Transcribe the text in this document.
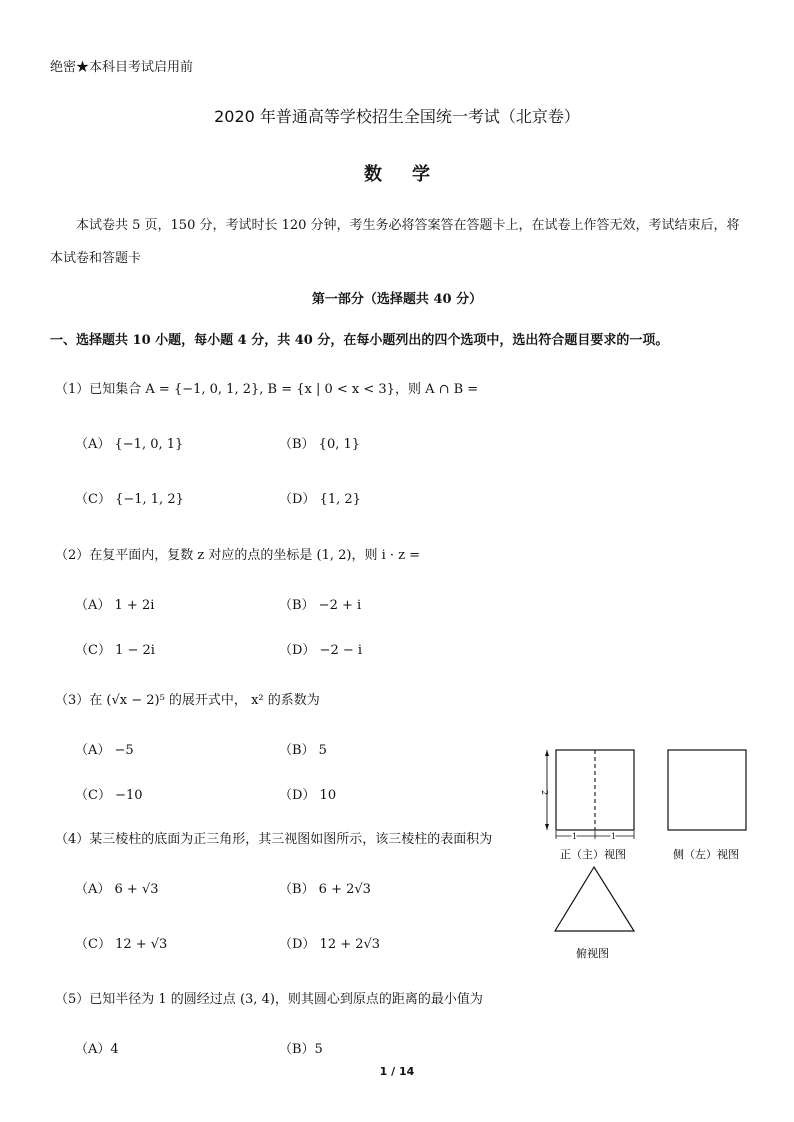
绝密★本科目考试启用前
2020 年普通高等学校招生全国统一考试（北京卷）
数学
本试卷共 5 页，150 分，考试时长 120 分钟，考生务必将答案答在答题卡上，在试卷上作答无效，考试结束后，将本试卷和答题卡
第一部分（选择题共 40 分）
一、选择题共 10 小题，每小题 4 分，共 40 分，在每小题列出的四个选项中，选出符合题目要求的一项。
（1）已知集合 A = {−1, 0, 1, 2}, B = {x | 0 < x < 3}，则 A ∩ B =
（A） {−1, 0, 1}	（B） {0, 1}
（C） {−1, 1, 2}	（D） {1, 2}
（2）在复平面内，复数 z 对应的点的坐标是 (1, 2)，则 i · z =
（A） 1 + 2i	（B） −2 + i
（C） 1 − 2i	（D） −2 − i
（3）在 (√x − 2)⁵ 的展开式中， x² 的系数为
（A） −5	（B） 5
（C） −10	（D） 10
（4）某三棱柱的底面为正三角形，其三视图如图所示，该三棱柱的表面积为
（A） 6 + √3	（B） 6 + 2√3
（C） 12 + √3	（D） 12 + 2√3
（5）已知半径为 1 的圆经过点 (3, 4)，则其圆心到原点的距离的最小值为
（A）4	（B）5
2
1	1
正（主）视图	侧（左）视图
俯视图
1 / 14
